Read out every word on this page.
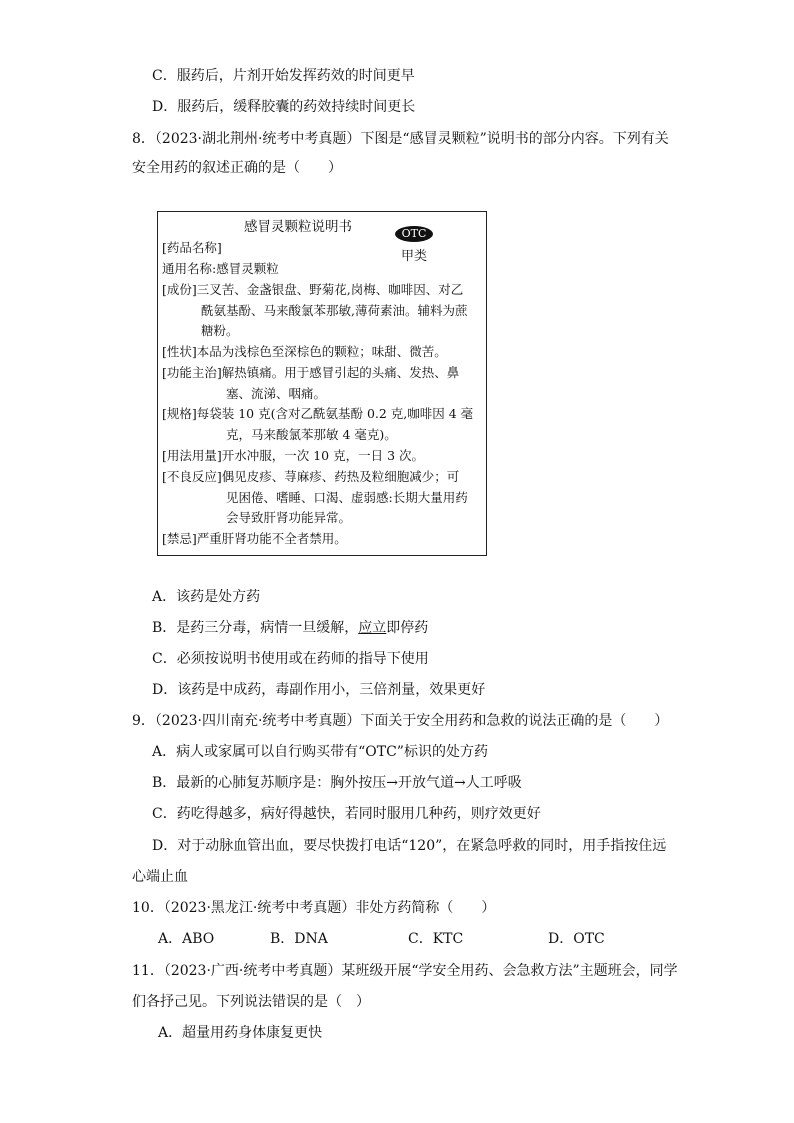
C．服药后，片剂开始发挥药效的时间更早
D．服药后，缓释胶囊的药效持续时间更长
8．（2023·湖北荆州·统考中考真题）下图是“感冒灵颗粒”说明书的部分内容。下列有关
安全用药的叙述正确的是（　　）
感冒灵颗粒说明书	OTC
甲类
[药品名称]
通用名称:感冒灵颗粒
[成份]三叉苦、金盏银盘、野菊花,岗梅、咖啡因、对乙
酰氨基酚、马来酸氯苯那敏,薄荷素油。辅料为蔗
糖粉。
[性状]本品为浅棕色至深棕色的颗粒；味甜、微苦。
[功能主治]解热镇痛。用于感冒引起的头痛、发热、鼻
塞、流涕、咽痛。
[规格]每袋装 10 克(含对乙酰氨基酚 0.2 克,咖啡因 4 毫
克，马来酸氯苯那敏 4 毫克)。
[用法用量]开水冲服，一次 10 克，一日 3 次。
[不良反应]偶见皮疹、荨麻疹、药热及粒细胞减少；可
见困倦、嗜睡、口渴、虚弱感:长期大量用药
会导致肝肾功能异常。
[禁忌]严重肝肾功能不全者禁用。
A．该药是处方药
B．是药三分毒，病情一旦缓解，应立即停药
C．必须按说明书使用或在药师的指导下使用
D．该药是中成药，毒副作用小，三倍剂量，效果更好
9．（2023·四川南充·统考中考真题）下面关于安全用药和急救的说法正确的是（　　）
A．病人或家属可以自行购买带有“OTC”标识的处方药
B．最新的心肺复苏顺序是：胸外按压→开放气道→人工呼吸
C．药吃得越多，病好得越快，若同时服用几种药，则疗效更好
D．对于动脉血管出血，要尽快拨打电话“120”，在紧急呼救的同时，用手指按住远
心端止血
10．（2023·黑龙江·统考中考真题）非处方药简称（　　）
A．ABO	B．DNA	C．KTC	D．OTC
11．（2023·广西·统考中考真题）某班级开展“学安全用药、会急救方法”主题班会，同学
们各抒己见。下列说法错误的是（　）
A．超量用药身体康复更快
